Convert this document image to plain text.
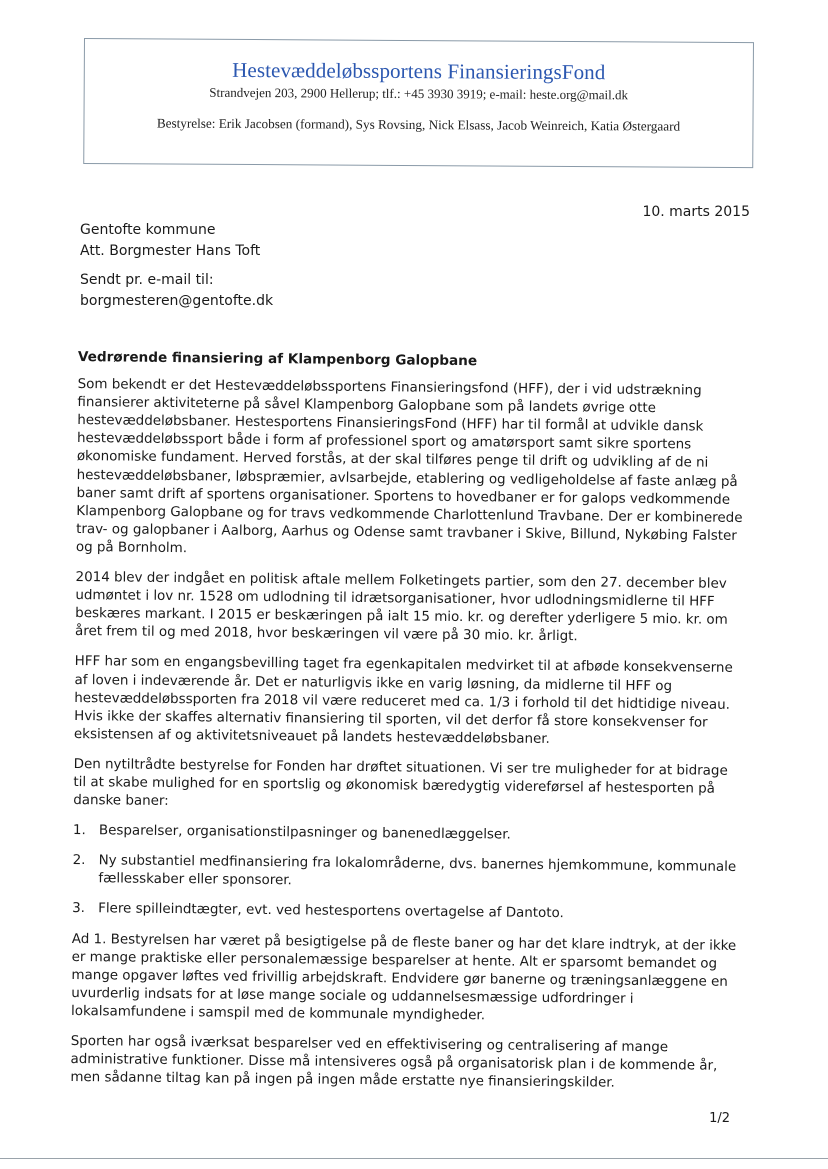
Hestevæddeløbssportens FinansieringsFond
Strandvejen 203, 2900 Hellerup; tlf.: +45 3930 3919; e-mail: heste.org@mail.dk
Bestyrelse: Erik Jacobsen (formand), Sys Rovsing, Nick Elsass, Jacob Weinreich, Katia Østergaard
10. marts 2015
Gentofte kommune
Att. Borgmester Hans Toft
Sendt pr. e-mail til:
borgmesteren@gentofte.dk
Vedrørende finansiering af Klampenborg Galopbane

Som bekendt er det Hestevæddeløbssportens Finansieringsfond (HFF), der i vid udstrækning finansierer aktiviteterne på såvel Klampenborg Galopbane som på landets øvrige otte hestevæddeløbsbaner. Hestesportens FinansieringsFond (HFF) har til formål at udvikle dansk hestevæddeløbssport både i form af professionel sport og amatørsport samt sikre sportens økonomiske fundament. Herved forstås, at der skal tilføres penge til drift og udvikling af de ni hestevæddeløbsbaner, løbspræmier, avlsarbejde, etablering og vedligeholdelse af faste anlæg på baner samt drift af sportens organisationer. Sportens to hovedbaner er for galops vedkommende Klampenborg Galopbane og for travs vedkommende Charlottenlund Travbane. Der er kombinerede trav- og galopbaner i Aalborg, Aarhus og Odense samt travbaner i Skive, Billund, Nykøbing Falster og på Bornholm.

2014 blev der indgået en politisk aftale mellem Folketingets partier, som den 27. december blev udmøntet i lov nr. 1528 om udlodning til idrætsorganisationer, hvor udlodningsmidlerne til HFF beskæres markant. I 2015 er beskæringen på ialt 15 mio. kr. og derefter yderligere 5 mio. kr. om året frem til og med 2018, hvor beskæringen vil være på 30 mio. kr. årligt.

HFF har som en engangsbevilling taget fra egenkapitalen medvirket til at afbøde konsekvenserne af loven i indeværende år. Det er naturligvis ikke en varig løsning, da midlerne til HFF og hestevæddeløbssporten fra 2018 vil være reduceret med ca. 1/3 i forhold til det hidtidige niveau. Hvis ikke der skaffes alternativ finansiering til sporten, vil det derfor få store konsekvenser for eksistensen af og aktivitetsniveauet på landets hestevæddeløbsbaner.

Den nytiltrådte bestyrelse for Fonden har drøftet situationen. Vi ser tre muligheder for at bidrage til at skabe mulighed for en sportslig og økonomisk bæredygtig videreførsel af hestesporten på danske baner:

1. Besparelser, organisationstilpasninger og banenedlæggelser.
2. Ny substantiel medfinansiering fra lokalområderne, dvs. banernes hjemkommune, kommunale fællesskaber eller sponsorer.
3. Flere spilleindtægter, evt. ved hestesportens overtagelse af Dantoto.

Ad 1. Bestyrelsen har været på besigtigelse på de fleste baner og har det klare indtryk, at der ikke er mange praktiske eller personalemæssige besparelser at hente. Alt er sparsomt bemandet og mange opgaver løftes ved frivillig arbejdskraft. Endvidere gør banerne og træningsanlæggene en uvurderlig indsats for at løse mange sociale og uddannelsesmæssige udfordringer i lokalsamfundene i samspil med de kommunale myndigheder.

Sporten har også iværksat besparelser ved en effektivisering og centralisering af mange administrative funktioner. Disse må intensiveres også på organisatorisk plan i de kommende år, men sådanne tiltag kan på ingen på ingen måde erstatte nye finansieringskilder.

1/2
